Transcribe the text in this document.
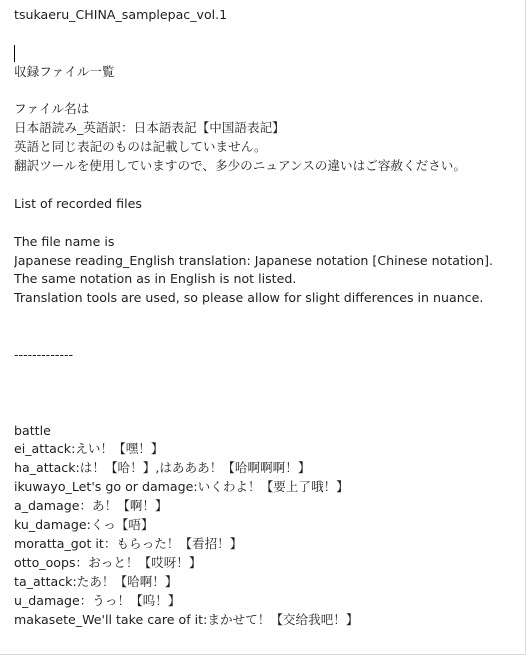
tsukaeru_CHINA_samplepac_vol.1
収録ファイル一覧
ファイル名は
日本語読み_英語訳：日本語表記【中国語表記】
英語と同じ表記のものは記載していません。
翻訳ツールを使用していますので、多少のニュアンスの違いはご容赦ください。
List of recorded files
The file name is
Japanese reading_English translation: Japanese notation [Chinese notation].
The same notation as in English is not listed.
Translation tools are used, so please allow for slight differences in nuance.
-------------
battle
ei_attack:えい！【嘿！】
ha_attack:は！【哈！】,はあああ！【哈啊啊啊！】
ikuwayo_Let's go or damage:いくわよ！【要上了哦！】
a_damage：あ！【啊！】
ku_damage:くっ【唔】
moratta_got it：もらった！【看招！】
otto_oops：おっと！【哎呀！】
ta_attack:たあ！【哈啊！】
u_damage：うっ！【呜！】
makasete_We'll take care of it:まかせて！【交给我吧！】
